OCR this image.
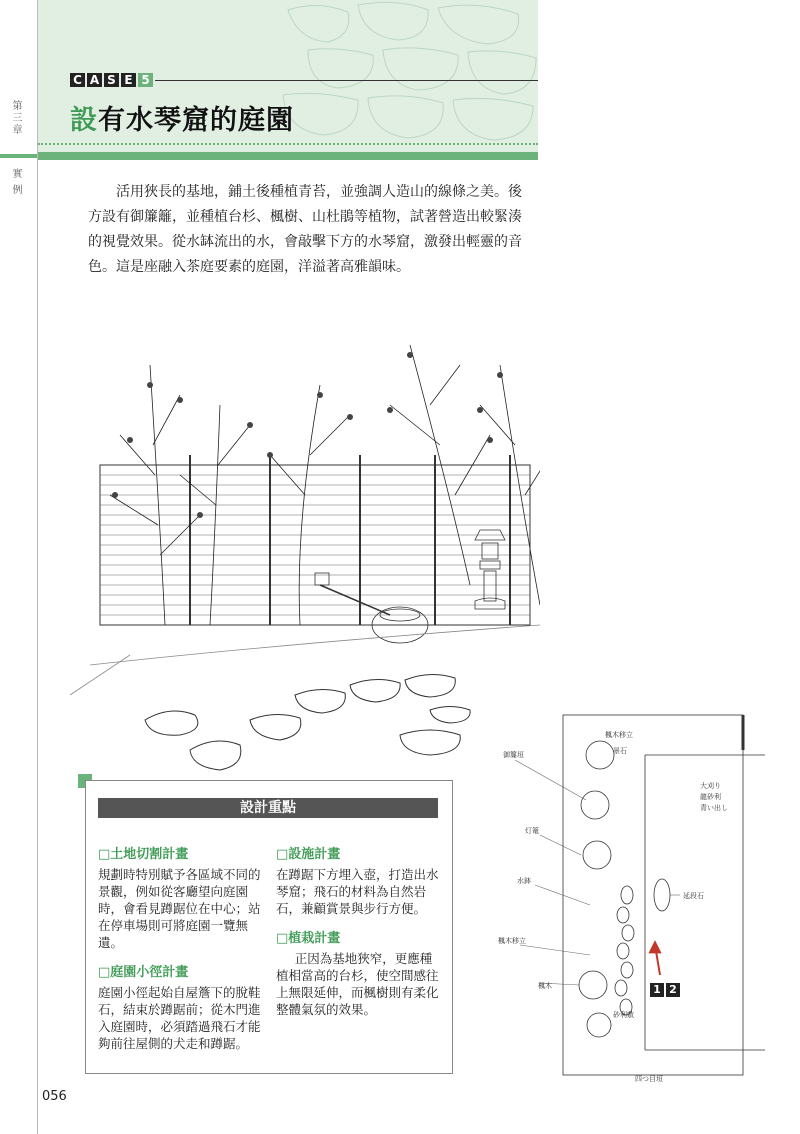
第三章
實例
C A S E 5
設有水琴窟的庭園

活用狹長的基地，鋪土後種植青苔，並強調人造山的線條之美。後方設有御簾籬，並種植台杉、楓樹、山杜鵑等植物，試著營造出較緊湊的視覺效果。從水缽流出的水，會敲擊下方的水琴窟，激發出輕靈的音色。這是座融入茶庭要素的庭園，洋溢著高雅韻味。

御簾垣
楓木移立
景石
大刈り
龍砂利
青い出し
灯篭
水鉢
延段石
楓木移立
楓木
砂利敷
四つ目垣
1 2
設計重點

□土地切割計畫

規劃時特別賦予各區域不同的景觀，例如從客廳望向庭園時，會看見蹲踞位在中心；站在停車場則可將庭園一覽無遺。

□庭園小徑計畫

庭園小徑起始自屋簷下的脫鞋石，結束於蹲踞前；從木門進入庭園時，必須踏過飛石才能夠前往屋側的犬走和蹲踞。

□設施計畫

在蹲踞下方埋入壺，打造出水琴窟；飛石的材料為自然岩石，兼顧賞景與步行方便。

□植栽計畫

正因為基地狹窄，更應種植相當高的台杉，使空間感往上無限延伸，而楓樹則有柔化整體氣氛的效果。

056
